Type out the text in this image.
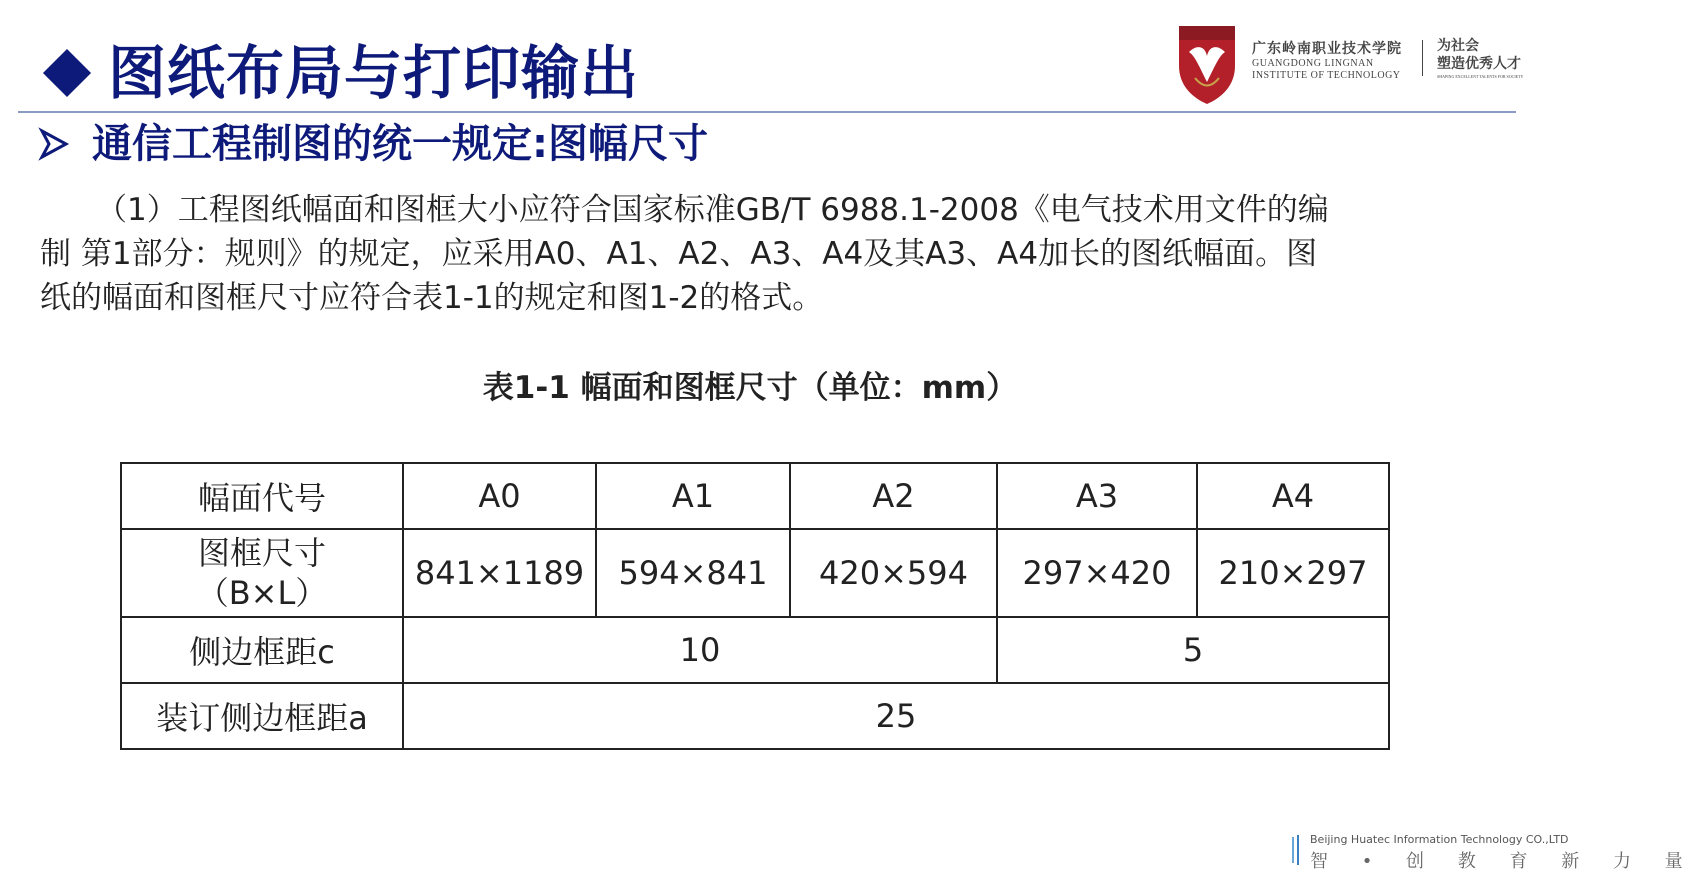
图纸布局与打印输出	广东岭南职业技术学院
GUANGDONG LINGNAN
INSTITUTE OF TECHNOLOGY
为社会
塑造优秀人才
SHAPING EXCELLENT TALENTS FOR SOCIETY
通信工程制图的统一规定:图幅尺寸
（1）工程图纸幅面和图框大小应符合国家标准GB/T 6988.1-2008《电气技术用文件的编
制 第1部分：规则》的规定，应采用A0、A1、A2、A3、A4及其A3、A4加长的图纸幅面。图
纸的幅面和图框尺寸应符合表1-1的规定和图1-2的格式。
表1-1 幅面和图框尺寸（单位：mm）
幅面代号	A0	A1	A2	A3	A4
图框尺寸（B×L）	841×1189	594×841	420×594	297×420	210×297
侧边框距c	10			5	
装订侧边框距a	25				
Beijing Huatec Information Technology CO.,LTD
智 • 创 教 育 新 力 量
